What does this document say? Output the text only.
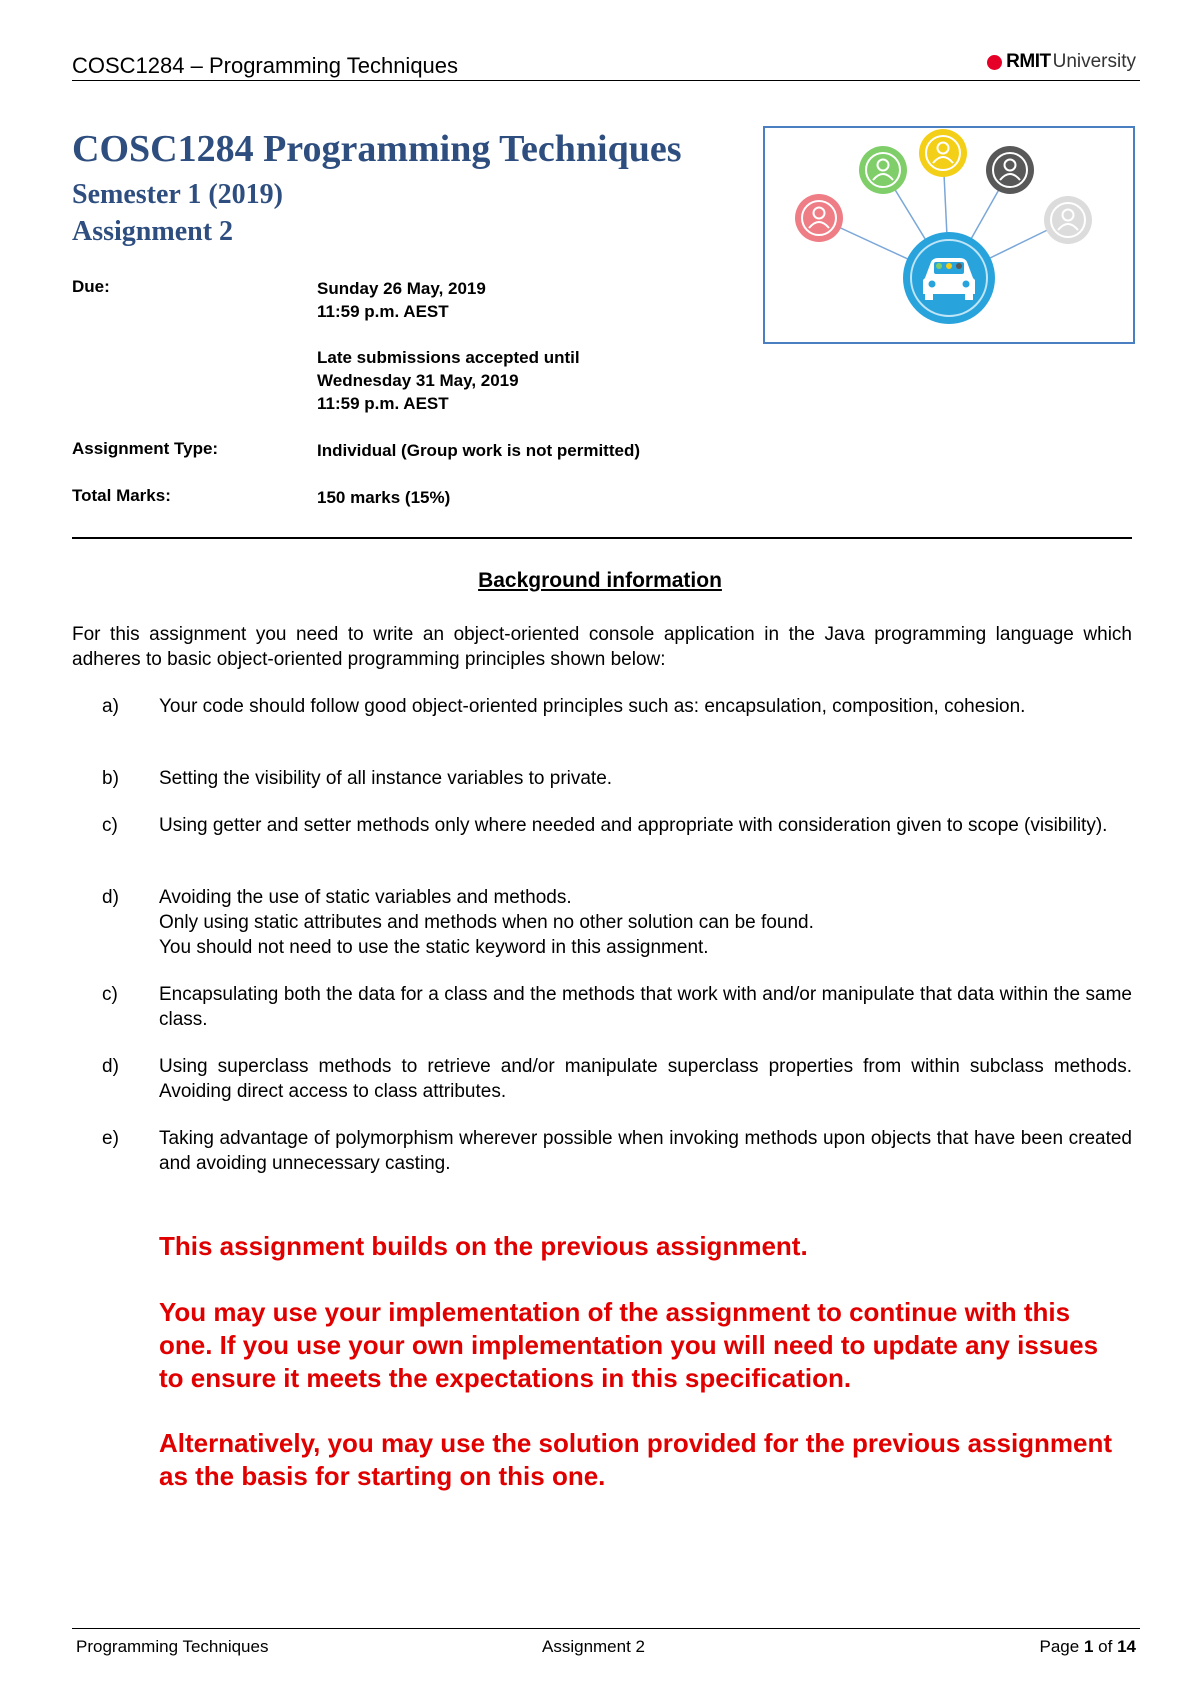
COSC1284 – Programming Techniques	RMIT University
COSC1284 Programming Techniques
Semester 1 (2019)
Assignment 2
Due:	Sunday 26 May, 2019
11:59 p.m. AEST
Late submissions accepted until
Wednesday 31 May, 2019
11:59 p.m. AEST
Assignment Type:	Individual (Group work is not permitted)
Total Marks:	150 marks (15%)
Background information
For this assignment you need to write an object-oriented console application in the Java programming language which adheres to basic object-oriented programming principles shown below:
a) Your code should follow good object-oriented principles such as: encapsulation, composition, cohesion.
b) Setting the visibility of all instance variables to private.
c) Using getter and setter methods only where needed and appropriate with consideration given to scope (visibility).
d) Avoiding the use of static variables and methods.
Only using static attributes and methods when no other solution can be found.
You should not need to use the static keyword in this assignment.
c) Encapsulating both the data for a class and the methods that work with and/or manipulate that data within the same class.
d) Using superclass methods to retrieve and/or manipulate superclass properties from within subclass methods. Avoiding direct access to class attributes.
e) Taking advantage of polymorphism wherever possible when invoking methods upon objects that have been created and avoiding unnecessary casting.
This assignment builds on the previous assignment.
You may use your implementation of the assignment to continue with this one. If you use your own implementation you will need to update any issues to ensure it meets the expectations in this specification.
Alternatively, you may use the solution provided for the previous assignment as the basis for starting on this one.
Programming Techniques	Assignment 2	Page 1 of 14
